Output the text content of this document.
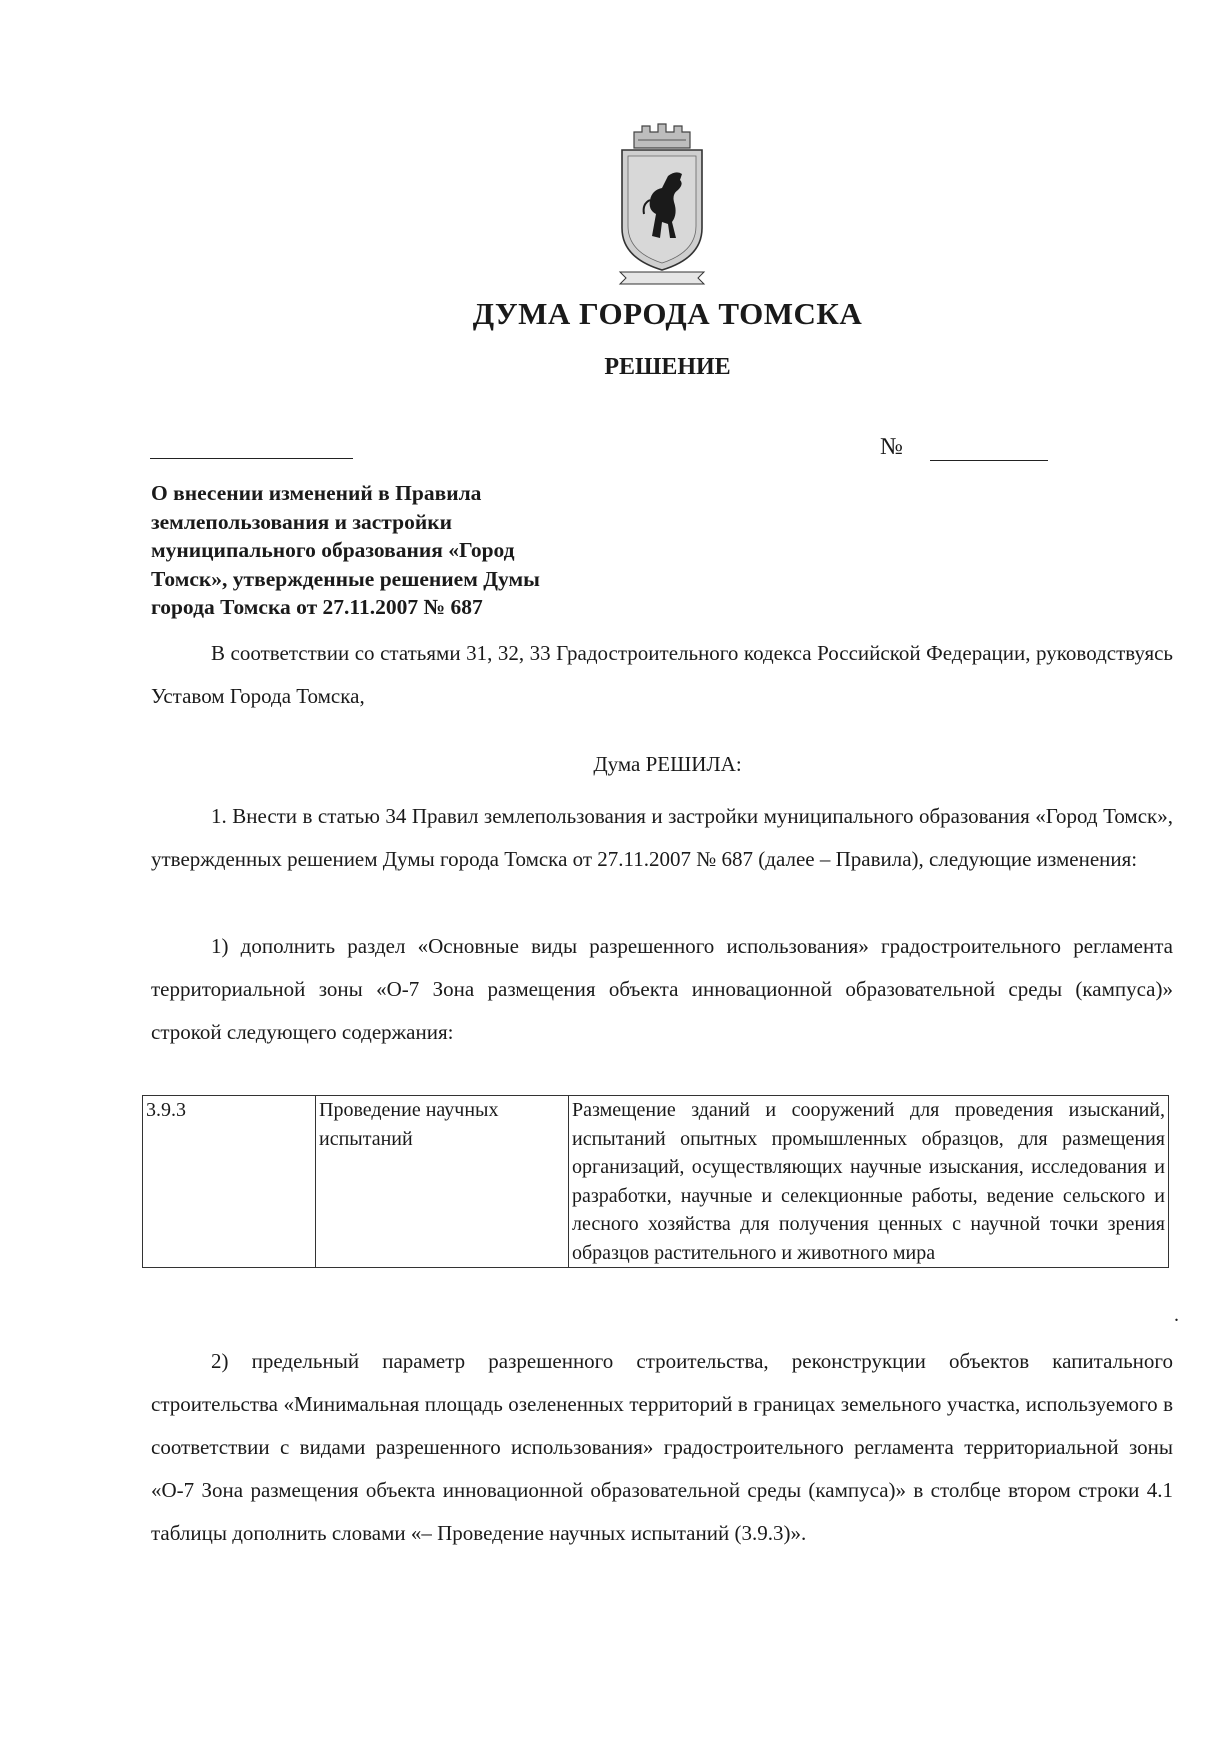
ДУМА ГОРОДА ТОМСКА
РЕШЕНИЕ
№
О внесении изменений в Правила
землепользования и застройки
муниципального образования «Город
Томск», утвержденные решением Думы
города Томска от 27.11.2007 № 687
В соответствии со статьями 31, 32, 33 Градостроительного кодекса Российской Федерации, руководствуясь Уставом Города Томска,
Дума РЕШИЛА:
1. Внести в статью 34 Правил землепользования и застройки муниципального образования «Город Томск», утвержденных решением Думы города Томска от 27.11.2007 № 687 (далее – Правила), следующие изменения:
1) дополнить раздел «Основные виды разрешенного использования» градостроительного регламента территориальной зоны «О-7 Зона размещения объекта инновационной образовательной среды (кампуса)» строкой следующего содержания:
3.9.3	Проведение научных испытаний	Размещение зданий и сооружений для проведения изысканий, испытаний опытных промышленных образцов, для размещения организаций, осуществляющих научные изыскания, исследования и разработки, научные и селекционные работы, ведение сельского и лесного хозяйства для получения ценных с научной точки зрения образцов растительного и животного мира
.
2) предельный параметр разрешенного строительства, реконструкции объектов капитального строительства «Минимальная площадь озелененных территорий в границах земельного участка, используемого в соответствии с видами разрешенного использования» градостроительного регламента территориальной зоны «О-7 Зона размещения объекта инновационной образовательной среды (кампуса)» в столбце втором строки 4.1 таблицы дополнить словами «– Проведение научных испытаний (3.9.3)».
